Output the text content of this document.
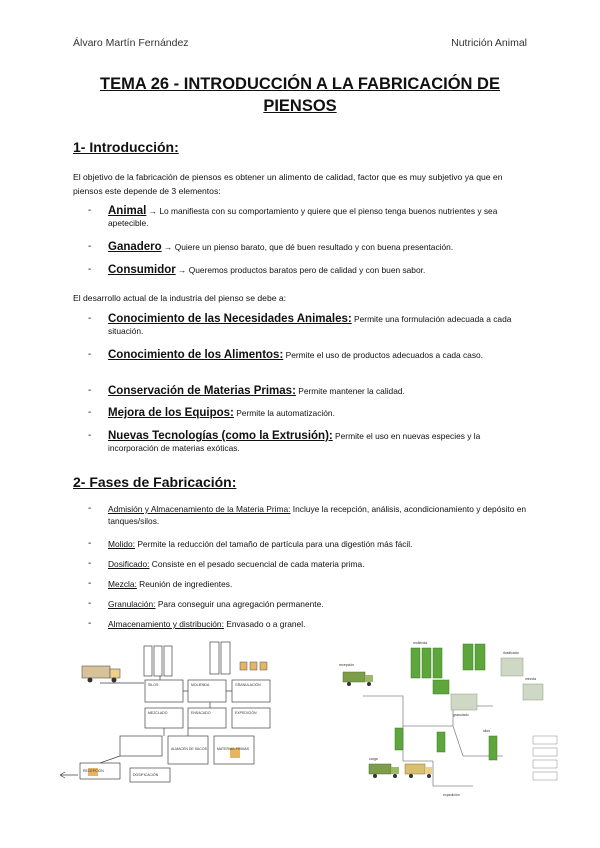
Álvaro Martín Fernández	Nutrición Animal
TEMA 26 - INTRODUCCIÓN A LA FABRICACIÓN DE
PIENSOS
1- Introducción:
El objetivo de la fabricación de piensos es obtener un alimento de calidad, factor que es muy subjetivo ya que en piensos este depende de 3 elementos:
- Animal → Lo manifiesta con su comportamiento y quiere que el pienso tenga buenos nutrientes y sea apetecible.
- Ganadero → Quiere un pienso barato, que dé buen resultado y con buena presentación.
- Consumidor → Queremos productos baratos pero de calidad y con buen sabor.
El desarrollo actual de la industria del pienso se debe a:
- Conocimiento de las Necesidades Animales: Permite una formulación adecuada a cada situación.
- Conocimiento de los Alimentos: Permite el uso de productos adecuados a cada caso.
- Conservación de Materias Primas: Permite mantener la calidad.
- Mejora de los Equipos: Permite la automatización.
- Nuevas Tecnologías (como la Extrusión): Permite el uso en nuevas especies y la incorporación de materias exóticas.
2- Fases de Fabricación:
- Admisión y Almacenamiento de la Materia Prima: Incluye la recepción, análisis, acondicionamiento y depósito en tanques/silos.
- Molido: Permite la reducción del tamaño de partícula para una digestión más fácil.
- Dosificado: Consiste en el pesado secuencial de cada materia prima.
- Mezcla: Reunión de ingredientes.
- Granulación: Para conseguir una agregación permanente.
- Almacenamiento y distribución: Envasado o a granel.
SILOS	MOLIENDA	GRANULACIÓN
MEZCLADO	ENSACADO	EXPEDICIÓN
ALMACÉN DE SACOS	MATERIAS PRIMAS
RECEPCIÓN
DOSIFICACIÓN
recepción
molienda
dosificado
mezcla
granulado
silos
carga
expedición
